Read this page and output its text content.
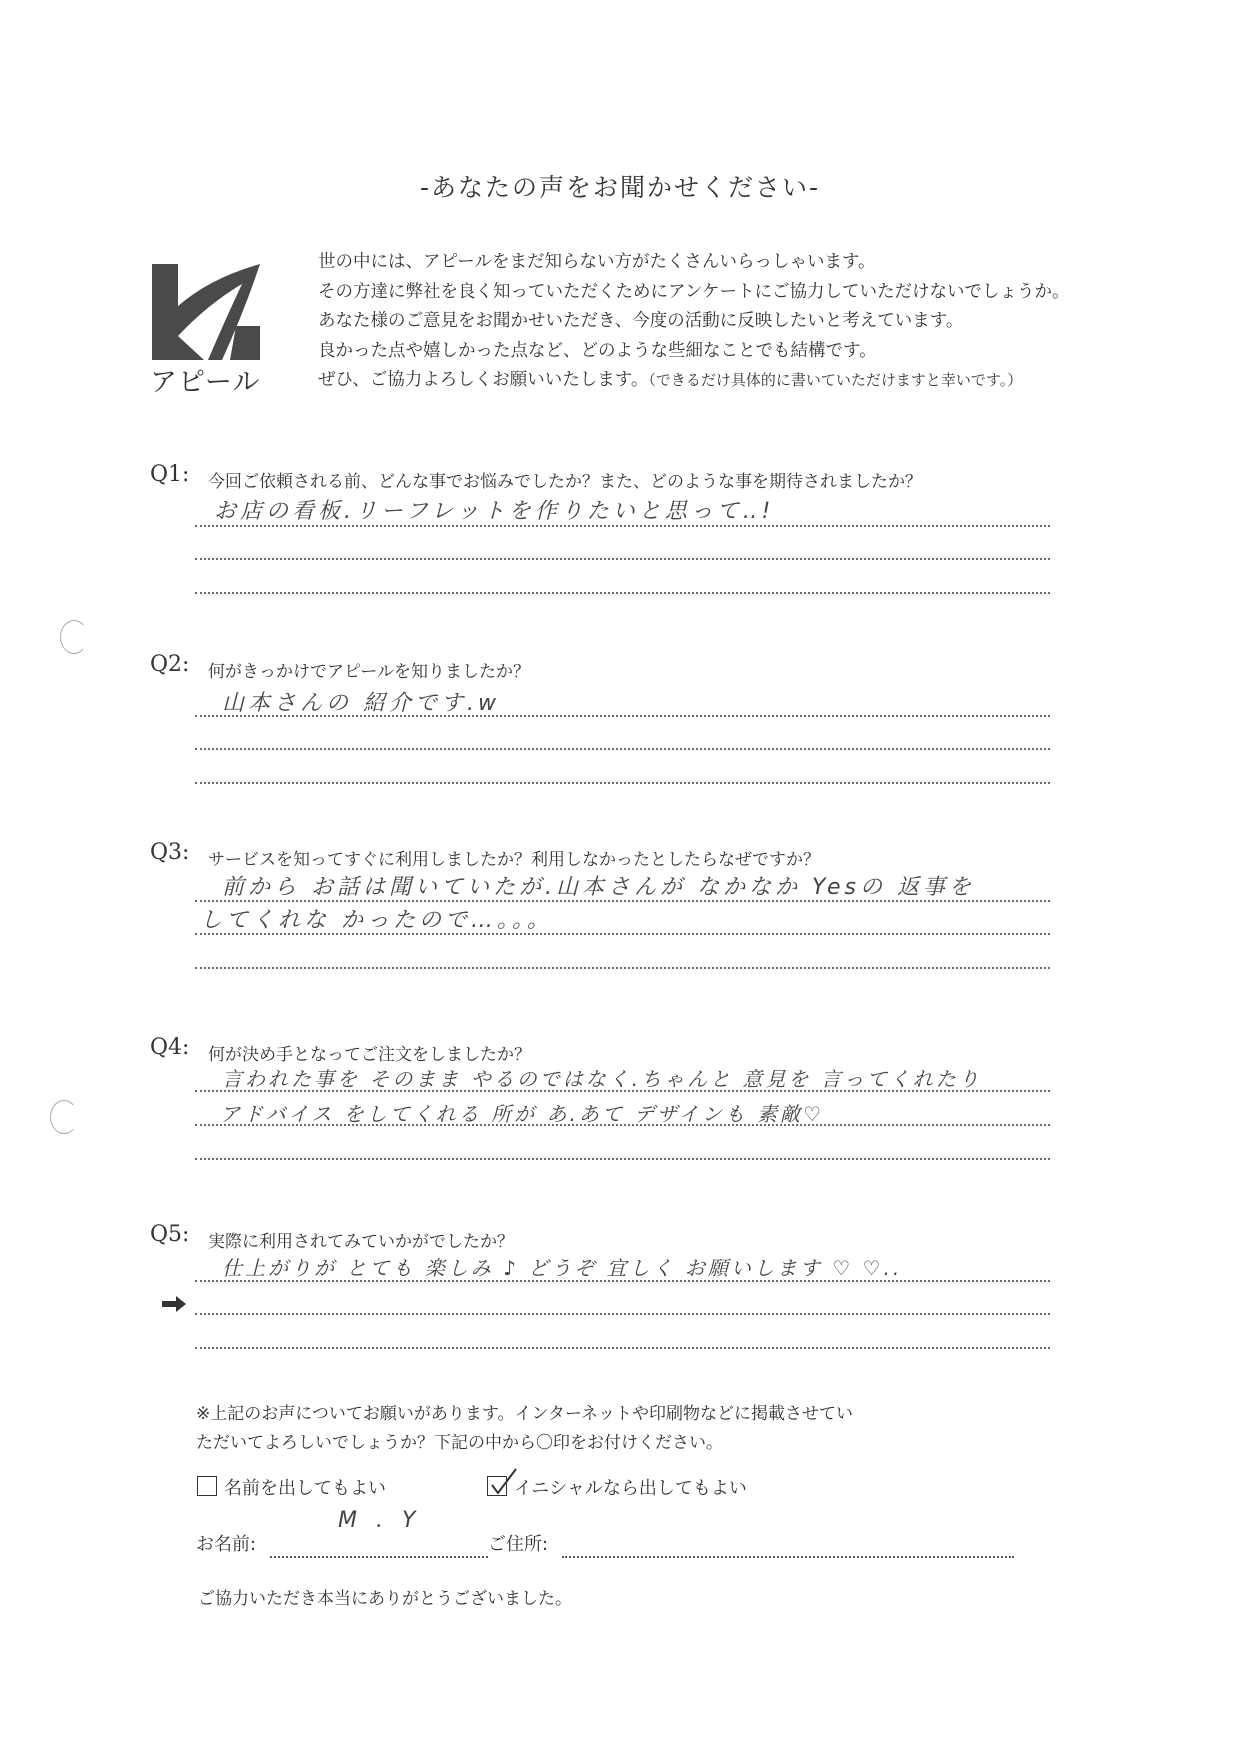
-あなたの声をお聞かせください-
アピール
世の中には、アピールをまだ知らない方がたくさんいらっしゃいます。
その方達に弊社を良く知っていただくためにアンケートにご協力していただけないでしょうか。
あなた様のご意見をお聞かせいただき、今度の活動に反映したいと考えています。
良かった点や嬉しかった点など、どのような些細なことでも結構です。
ぜひ、ご協力よろしくお願いいたします。（できるだけ具体的に書いていただけますと幸いです。）
Q1: 今回ご依頼される前、どんな事でお悩みでしたか？また、どのような事を期待されましたか？
お店の看板.リーフレットを作りたいと思って‥!
Q2: 何がきっかけでアピールを知りましたか？
山本さんの 紹介です.w
Q3: サービスを知ってすぐに利用しましたか？利用しなかったとしたらなぜですか？
前から お話は聞いていたが.山本さんが なかなか Yesの 返事を
してくれな かったので…。。。
Q4: 何が決め手となってご注文をしましたか？
言われた事を そのまま やるのではなく.ちゃんと 意見を 言ってくれたり
アドバイス をしてくれる 所が あ.あて デザインも 素敵♡
Q5: 実際に利用されてみていかがでしたか？
仕上がりが とても 楽しみ ♪ どうぞ 宜しく お願いします ♡ ♡..
※上記のお声についてお願いがあります。インターネットや印刷物などに掲載させてい
ただいてよろしいでしょうか？下記の中から〇印をお付けください。
名前を出してもよい	イニシャルなら出してもよい
お名前:
M . Y
ご住所:
ご協力いただき本当にありがとうございました。
